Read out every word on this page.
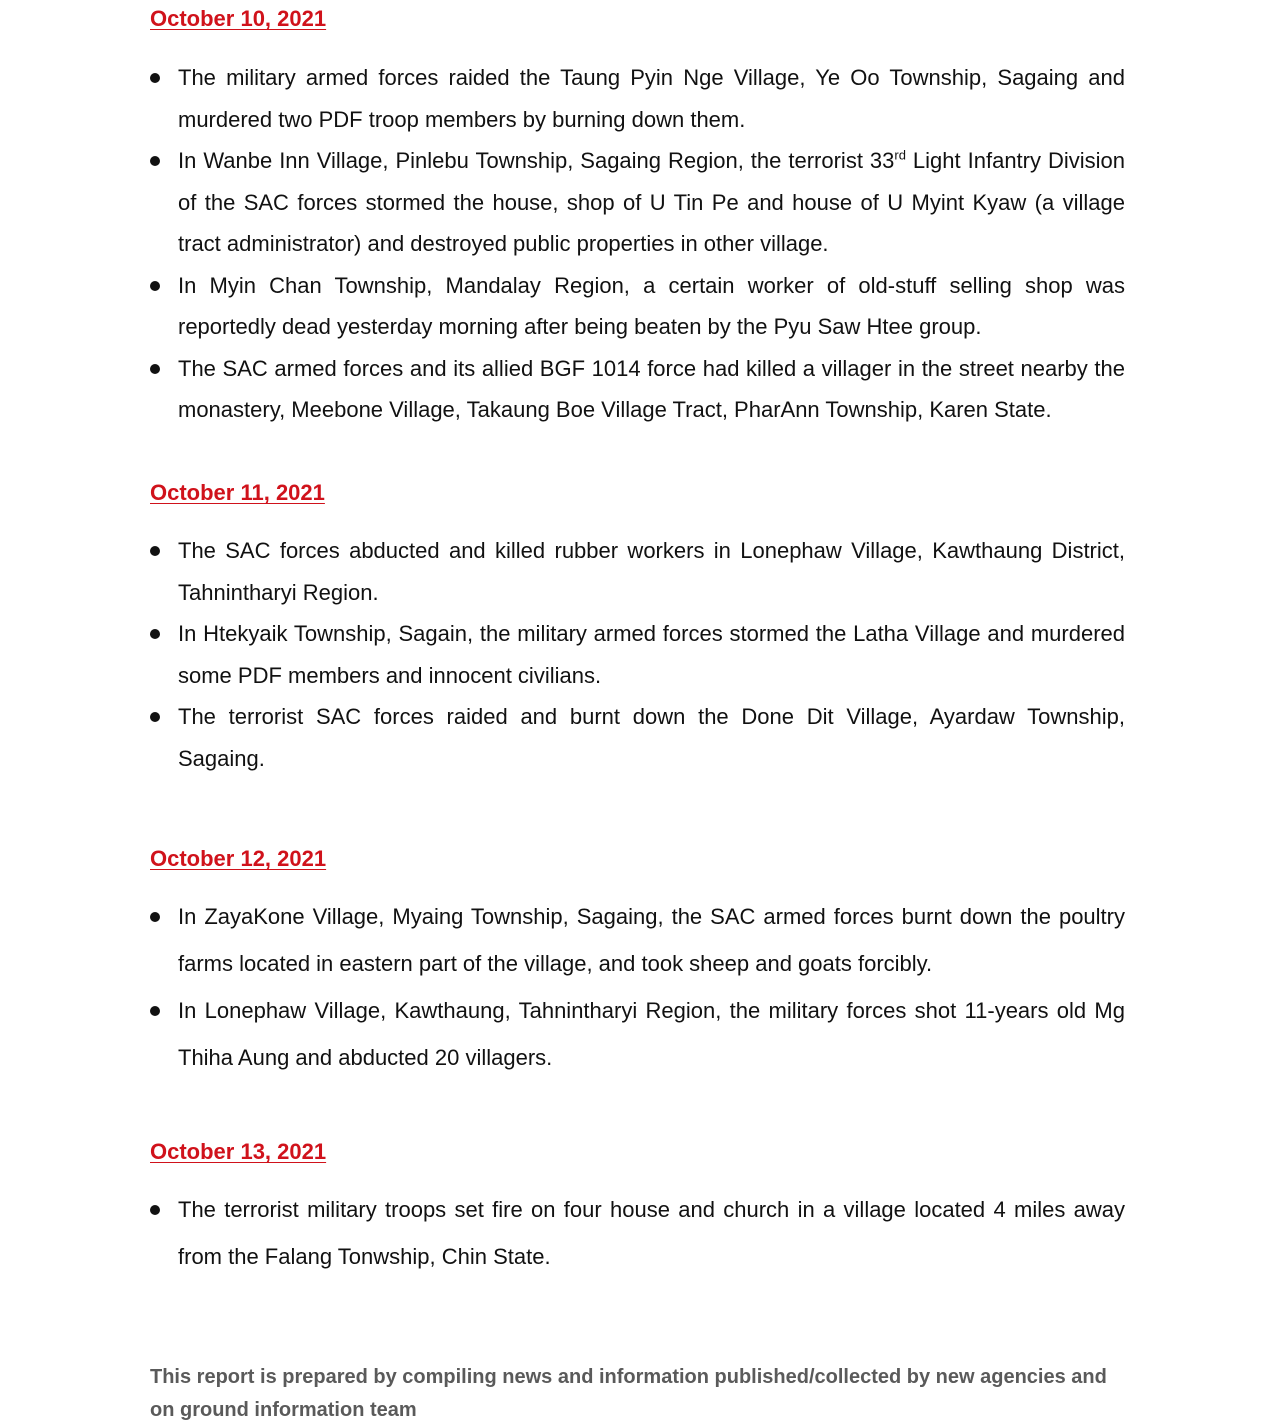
October 10, 2021
The military armed forces raided the Taung Pyin Nge Village, Ye Oo Township, Sagaing and murdered two PDF troop members by burning down them.
In Wanbe Inn Village, Pinlebu Township, Sagaing Region, the terrorist 33rd Light Infantry Division of the SAC forces stormed the house, shop of U Tin Pe and house of U Myint Kyaw (a village tract administrator) and destroyed public properties in other village.
In Myin Chan Township, Mandalay Region, a certain worker of old-stuff selling shop was reportedly dead yesterday morning after being beaten by the Pyu Saw Htee group.
The SAC armed forces and its allied BGF 1014 force had killed a villager in the street nearby the monastery, Meebone Village, Takaung Boe Village Tract, PharAnn Township, Karen State.
October 11, 2021
The SAC forces abducted and killed rubber workers in Lonephaw Village, Kawthaung District, Tahnintharyi Region.
In Htekyaik Township, Sagain, the military armed forces stormed the Latha Village and murdered some PDF members and innocent civilians.
The terrorist SAC forces raided and burnt down the Done Dit Village, Ayardaw Township, Sagaing.
October 12, 2021
In ZayaKone Village, Myaing Township, Sagaing, the SAC armed forces burnt down the poultry farms located in eastern part of the village, and took sheep and goats forcibly.
In Lonephaw Village, Kawthaung, Tahnintharyi Region, the military forces shot 11-years old Mg Thiha Aung and abducted 20 villagers.
October 13, 2021
The terrorist military troops set fire on four house and church in a village located 4 miles away from the Falang Tonwship, Chin State.

This report is prepared by compiling news and information published/collected by new agencies and on ground information team
